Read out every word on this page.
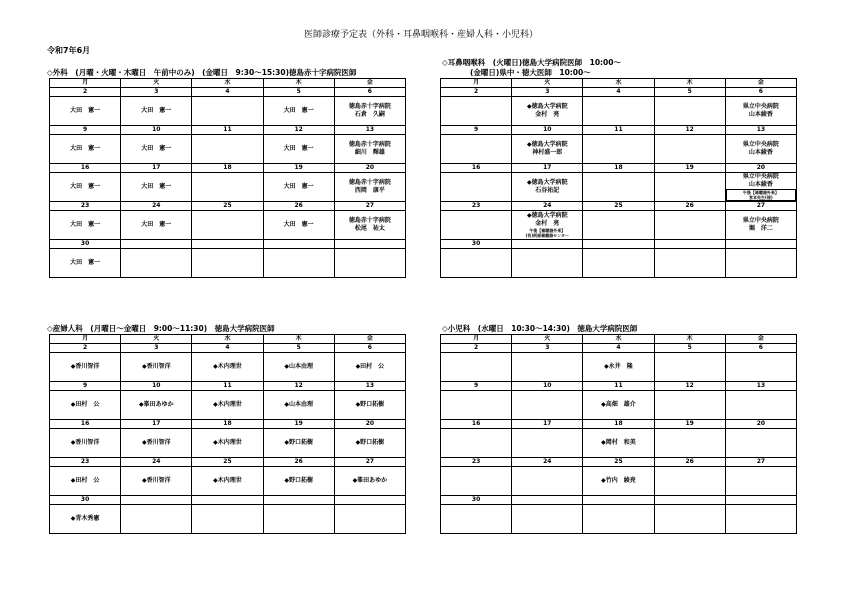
医師診療予定表（外科・耳鼻咽喉科・産婦人科・小児科）
令和7年6月
◇外科　(月曜・火曜・木曜日　午前中のみ)　(金曜日　9:30～15:30)徳島赤十字病院医師
◇耳鼻咽喉科　(火曜日)徳島大学病院医師　10:00～
(金曜日)県中・徳大医師　10:00～
◇産婦人科　(月曜日～金曜日　9:00～11:30)　徳島大学病院医師	◇小児科　(水曜日　10:30～14:30)　徳島大学病院医師
月	火	水	木	金
2	3	4	5	6

大田　憲一	大田　憲一		大田　憲一	徳島赤十字病院
石倉　久嗣

9	10	11	12	13

大田　憲一	大田　憲一		大田　憲一	徳島赤十字病院
細川　輝雄

16	17	18	19	20

大田　憲一	大田　憲一		大田　憲一	徳島赤十字病院
西岡　康平

23	24	25	26	27

大田　憲一	大田　憲一		大田　憲一	徳島赤十字病院
松尾　祐太

30				

大田　憲一				

月	火	水	木	金
2	3	4	5	6

	◆徳島大学病院
金村　亮			県立中央病院
山本綾香

9	10	11	12	13

	◆徳島大学病院
神村盛一郎			県立中央病院
山本綾香

16	17	18	19	20

	◆徳島大学病院
石谷祐記			県立中央病院
山本綾香
午後【補聴器外来】
宮本先生(徳)

23	24	25	26	27

	◆徳島大学病院
金村　亮
午後【補聴器外来】
(有)阿部補聴器センター			県立中央病院
堀　洋二

30				

月	火	水	木	金
2	3	4	5	6

◆香川智洋	◆香川智洋	◆木内理世	◆山本由理	◆田村　公

9	10	11	12	13

◆田村　公	◆峯田あゆか	◆木内理世	◆山本由理	◆野口拓樹

16	17	18	19	20

◆香川智洋	◆香川智洋	◆木内理世	◆野口拓樹	◆野口拓樹

23	24	25	26	27

◆田村　公	◆香川智洋	◆木内理世	◆野口拓樹	◆峯田あゆか

30				

◆青木秀憲				

月	火	水	木	金
2	3	4	5	6

		◆永井　隆		

9	10	11	12	13

		◆高畑　雄介		

16	17	18	19	20

		◆岡村　和美		

23	24	25	26	27

		◆竹内　綾亮		

30				
